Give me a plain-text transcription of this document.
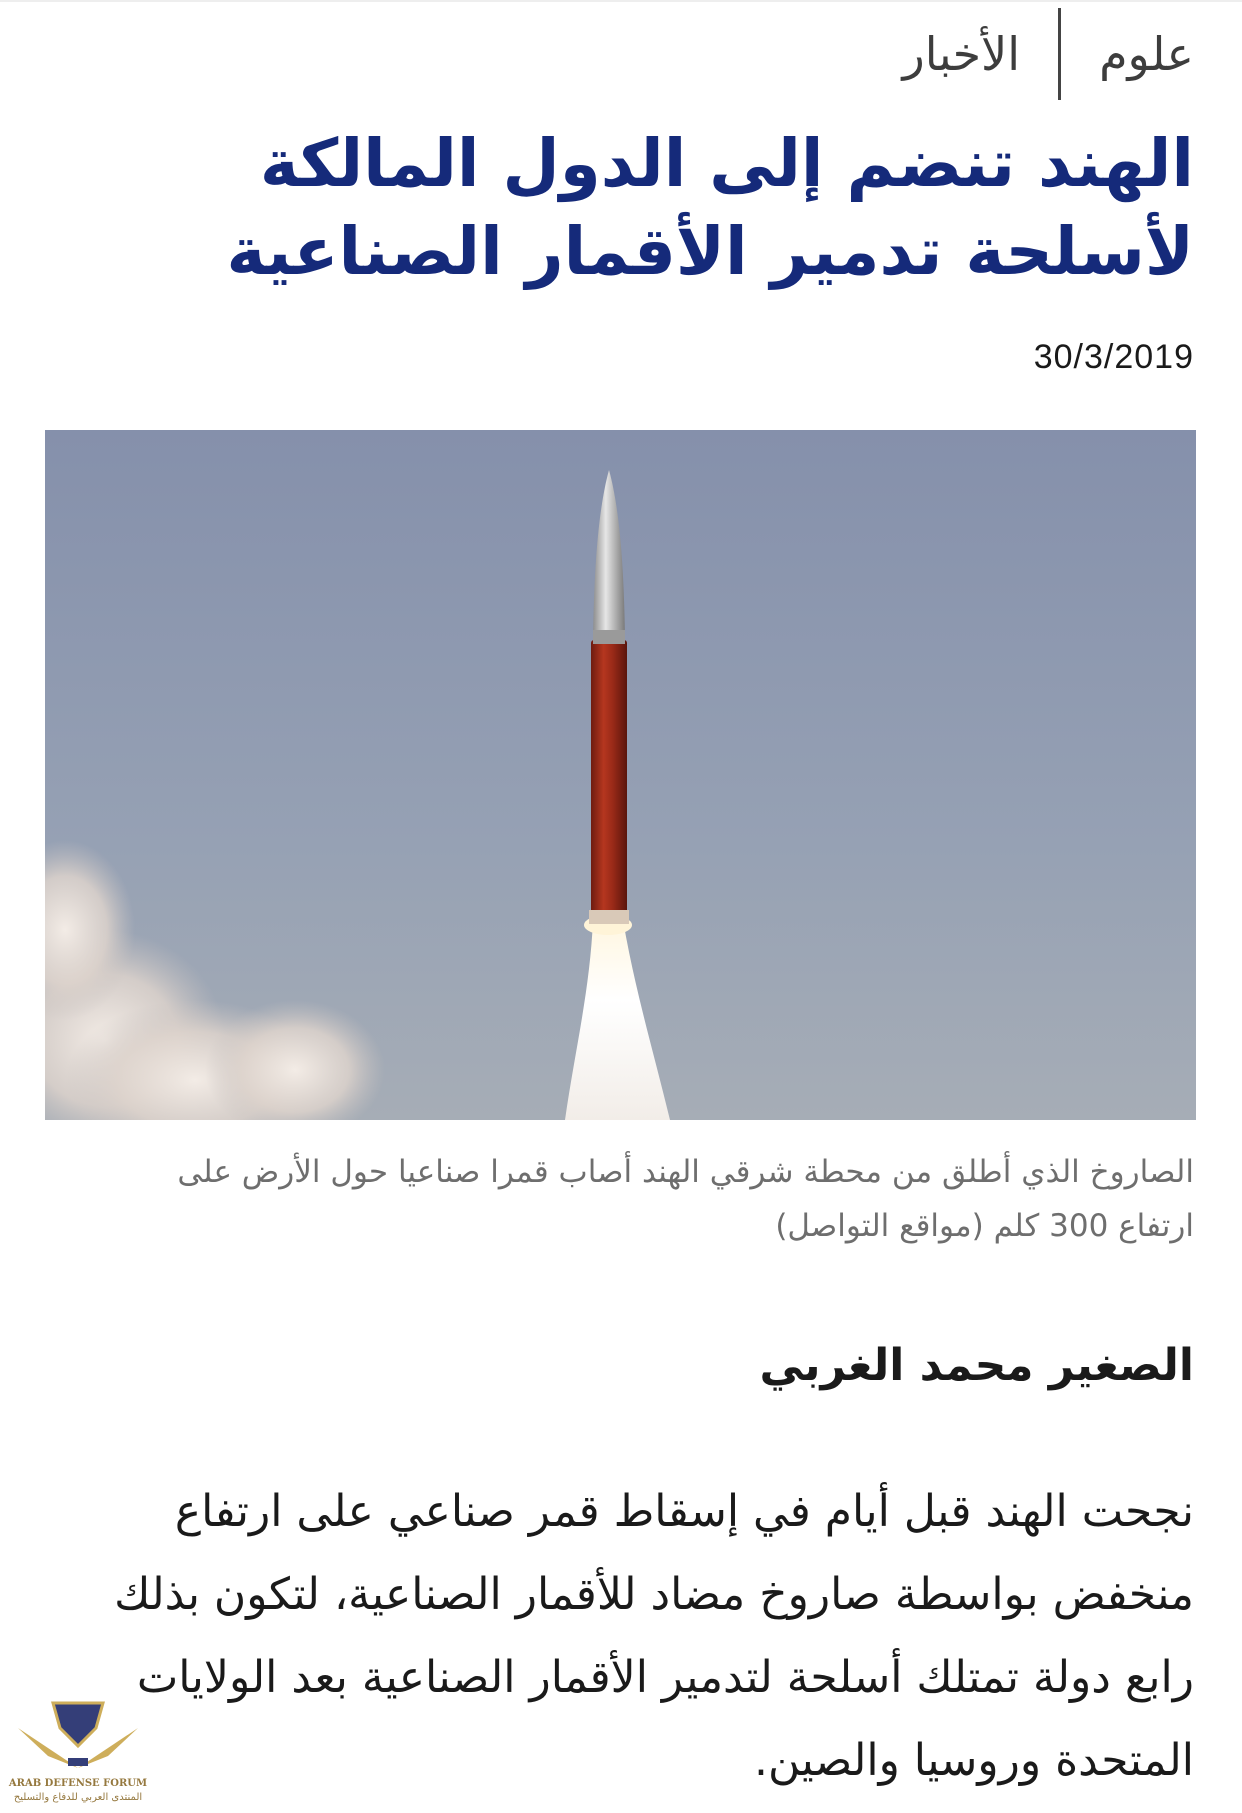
الأخبار علوم
الهند تنضم إلى الدول المالكة لأسلحة تدمير الأقمار الصناعية
30/3/2019

الصاروخ الذي أطلق من محطة شرقي الهند أصاب قمرا صناعيا حول الأرض على ارتفاع 300 كلم (مواقع التواصل)

الصغير محمد الغربي

نجحت الهند قبل أيام في إسقاط قمر صناعي على ارتفاع منخفض بواسطة صاروخ مضاد للأقمار الصناعية، لتكون بذلك رابع دولة تمتلك أسلحة لتدمير الأقمار الصناعية بعد الولايات المتحدة وروسيا والصين.

ARAB DEFENSE FORUM
المنتدى العربي للدفاع والتسليح
